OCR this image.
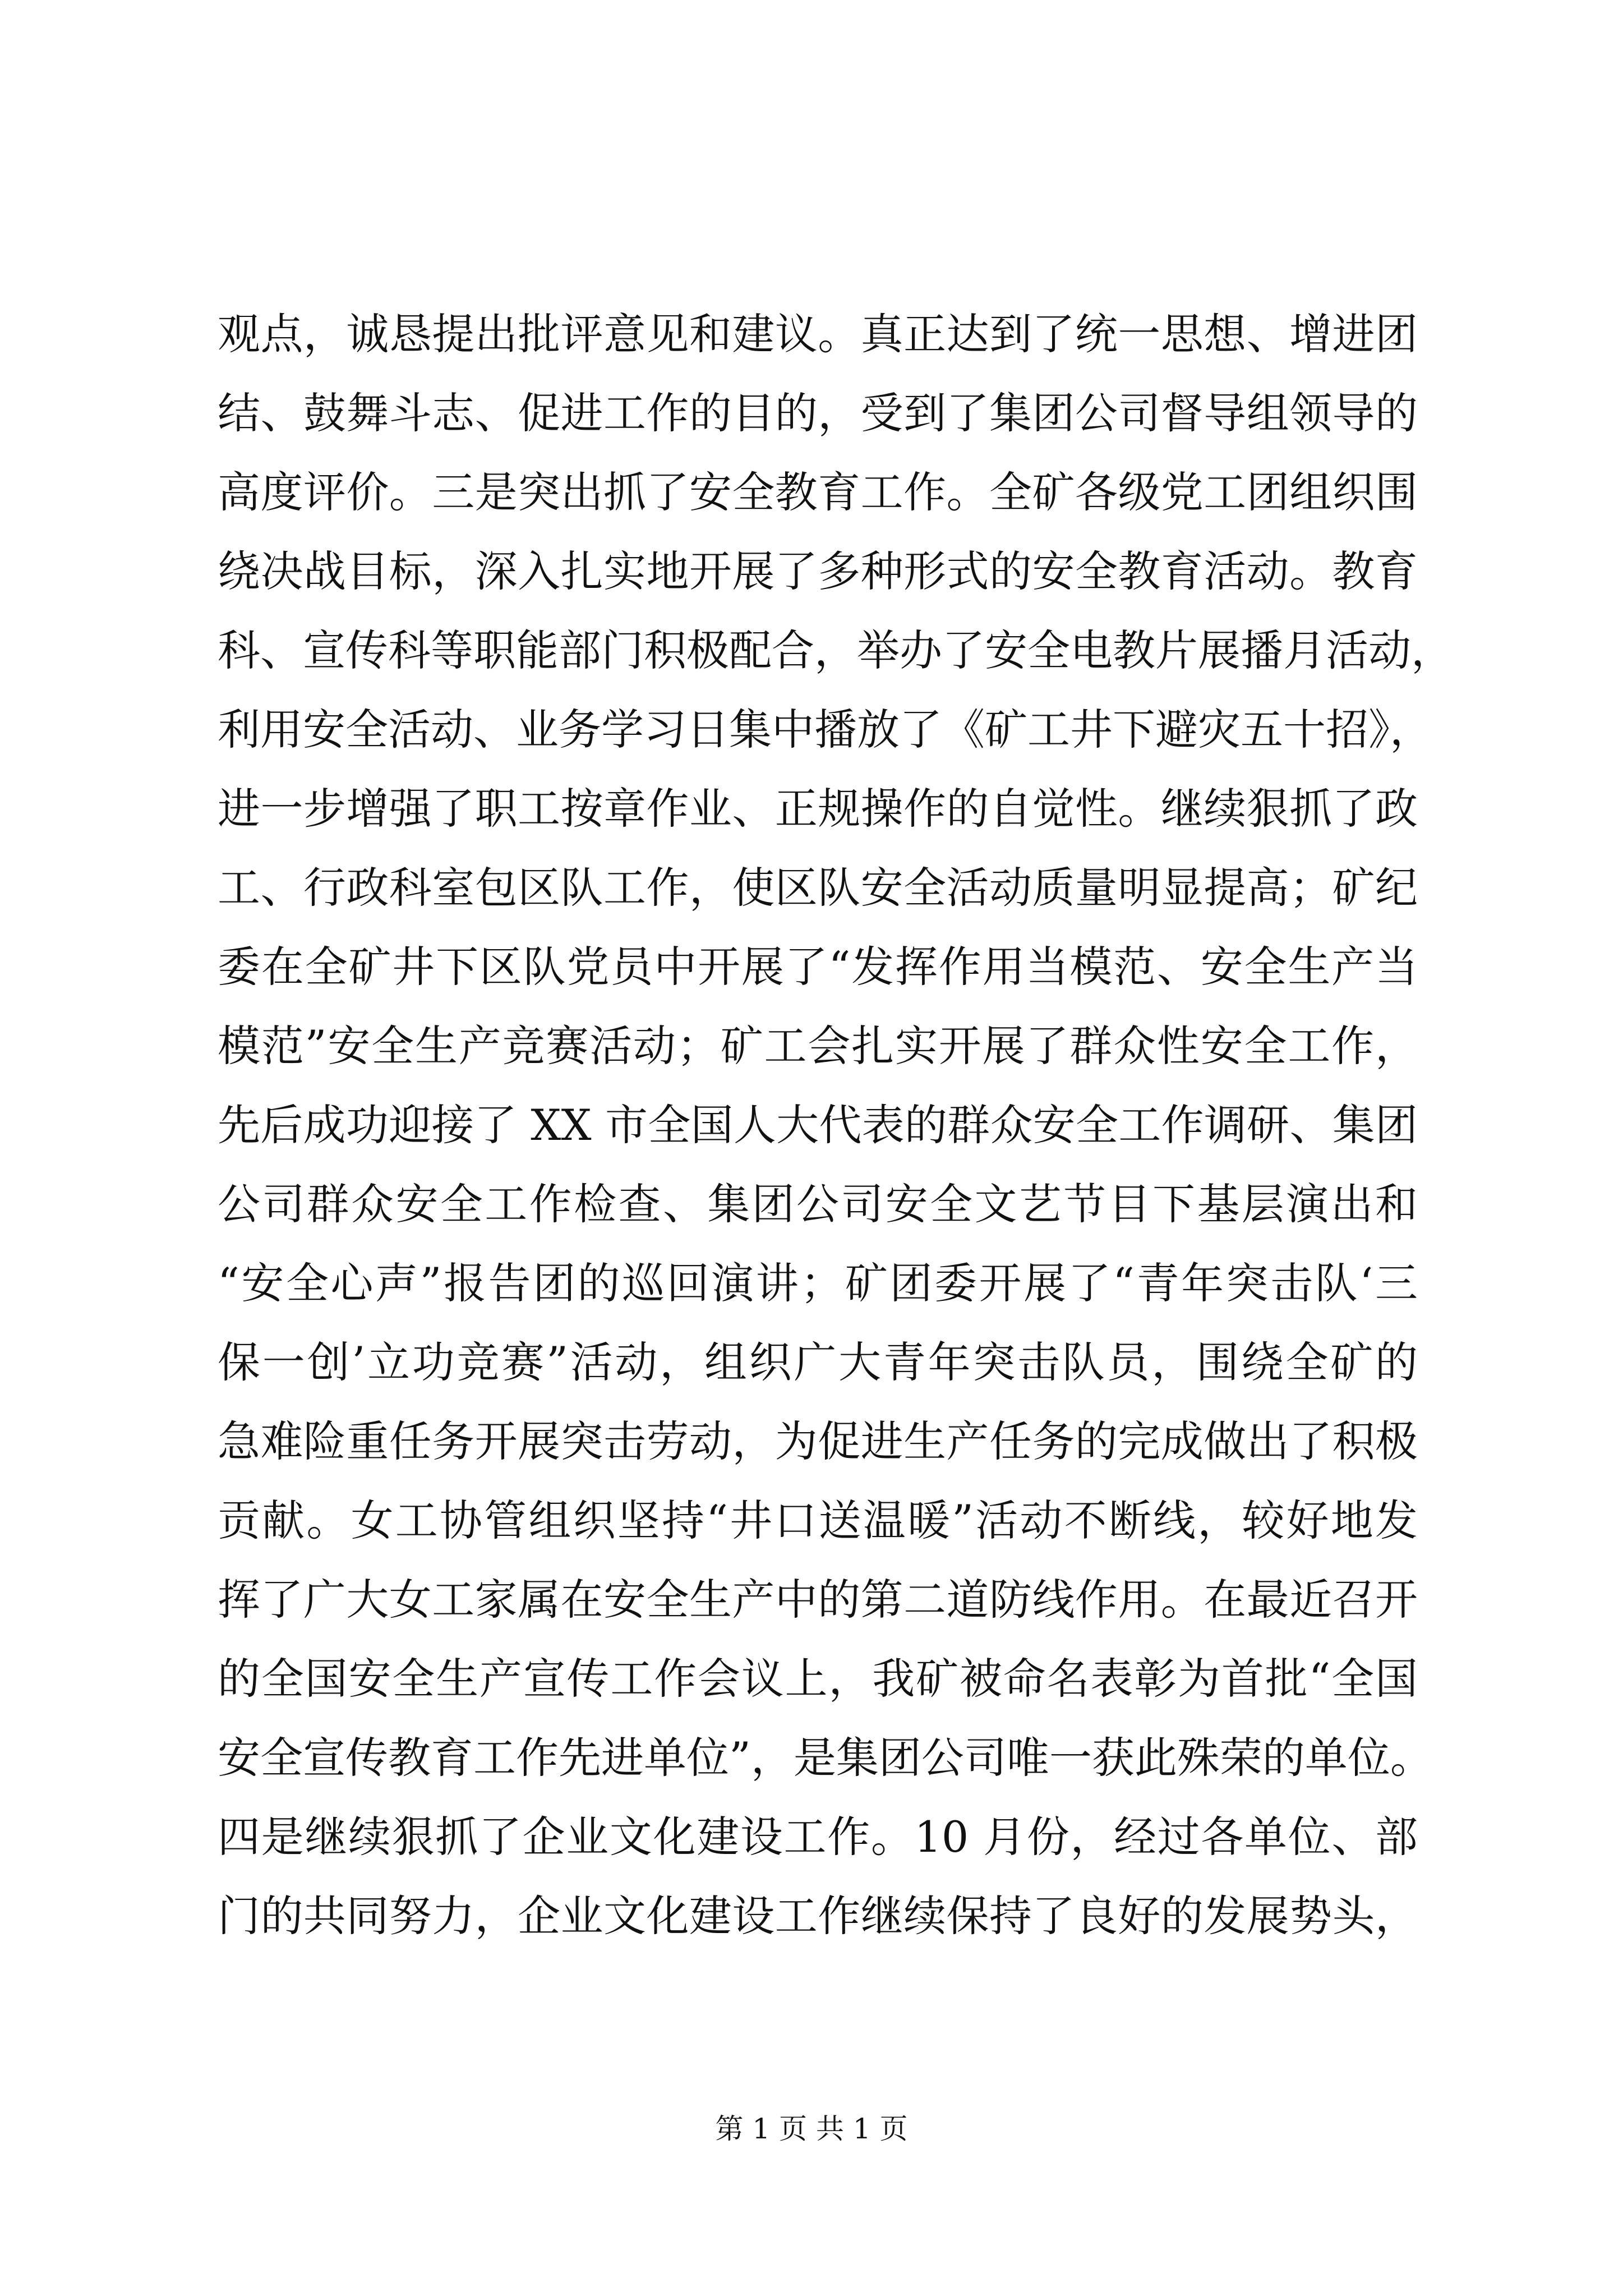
观点，诚恳提出批评意见和建议。真正达到了统一思想、增进团
结、鼓舞斗志、促进工作的目的，受到了集团公司督导组领导的
高度评价。三是突出抓了安全教育工作。全矿各级党工团组织围
绕决战目标，深入扎实地开展了多种形式的安全教育活动。教育
科、宣传科等职能部门积极配合，举办了安全电教片展播月活动，
利用安全活动、业务学习日集中播放了《矿工井下避灾五十招》，
进一步增强了职工按章作业、正规操作的自觉性。继续狠抓了政
工、行政科室包区队工作，使区队安全活动质量明显提高；矿纪
委在全矿井下区队党员中开展了“发挥作用当模范、安全生产当
模范”安全生产竞赛活动；矿工会扎实开展了群众性安全工作，
先后成功迎接了 XX 市全国人大代表的群众安全工作调研、集团
公司群众安全工作检查、集团公司安全文艺节目下基层演出和
“安全心声”报告团的巡回演讲；矿团委开展了“青年突击队‘三
保一创’立功竞赛”活动，组织广大青年突击队员，围绕全矿的
急难险重任务开展突击劳动，为促进生产任务的完成做出了积极
贡献。女工协管组织坚持“井口送温暖”活动不断线，较好地发
挥了广大女工家属在安全生产中的第二道防线作用。在最近召开
的全国安全生产宣传工作会议上，我矿被命名表彰为首批“全国
安全宣传教育工作先进单位”，是集团公司唯一获此殊荣的单位。
四是继续狠抓了企业文化建设工作。10 月份，经过各单位、部
门的共同努力，企业文化建设工作继续保持了良好的发展势头，
第 1 页 共 1 页
